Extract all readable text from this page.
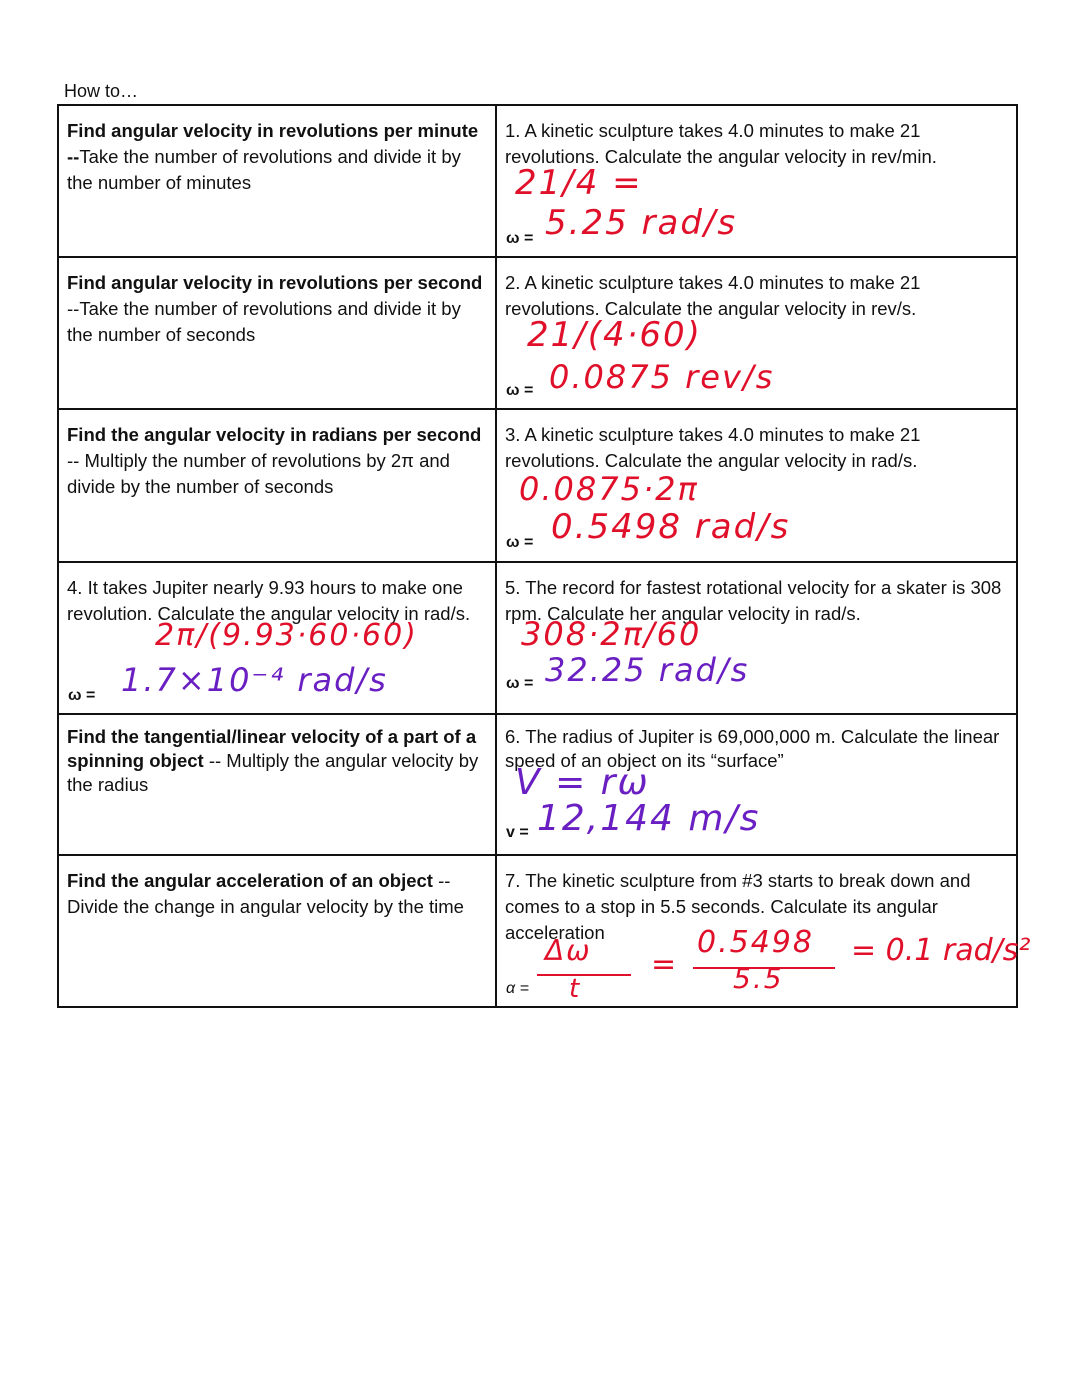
How to…
Find angular velocity in revolutions per minute --Take the number of revolutions and divide it by the number of minutes
1. A kinetic sculpture takes 4.0 minutes to make 21 revolutions. Calculate the angular velocity in rev/min.
21/4 =
ω = 5.25 rad/s
Find angular velocity in revolutions per second
--Take the number of revolutions and divide it by the number of seconds
2. A kinetic sculpture takes 4.0 minutes to make 21 revolutions. Calculate the angular velocity in rev/s.
21/(4·60)
ω = 0.0875 rev/s
Find the angular velocity in radians per second
-- Multiply the number of revolutions by 2π and divide by the number of seconds
3. A kinetic sculpture takes 4.0 minutes to make 21 revolutions. Calculate the angular velocity in rad/s.
0.0875·2π
ω = 0.5498 rad/s
4. It takes Jupiter nearly 9.93 hours to make one revolution. Calculate the angular velocity in rad/s.
2π/(9.93·60·60)
ω = 1.7×10⁻⁴ rad/s
5. The record for fastest rotational velocity for a skater is 308 rpm. Calculate her angular velocity in rad/s.
308·2π/60
ω = 32.25 rad/s
Find the tangential/linear velocity of a part of a spinning object -- Multiply the angular velocity by the radius
6. The radius of Jupiter is 69,000,000 m. Calculate the linear speed of an object on its “surface”
V = rω
v = 12,144 m/s
Find the angular acceleration of an object -- Divide the change in angular velocity by the time
7. The kinetic sculpture from #3 starts to break down and comes to a stop in 5.5 seconds. Calculate its angular acceleration
α =
Δω
t
=
0.5498
5.5
= 0.1 rad/s²
